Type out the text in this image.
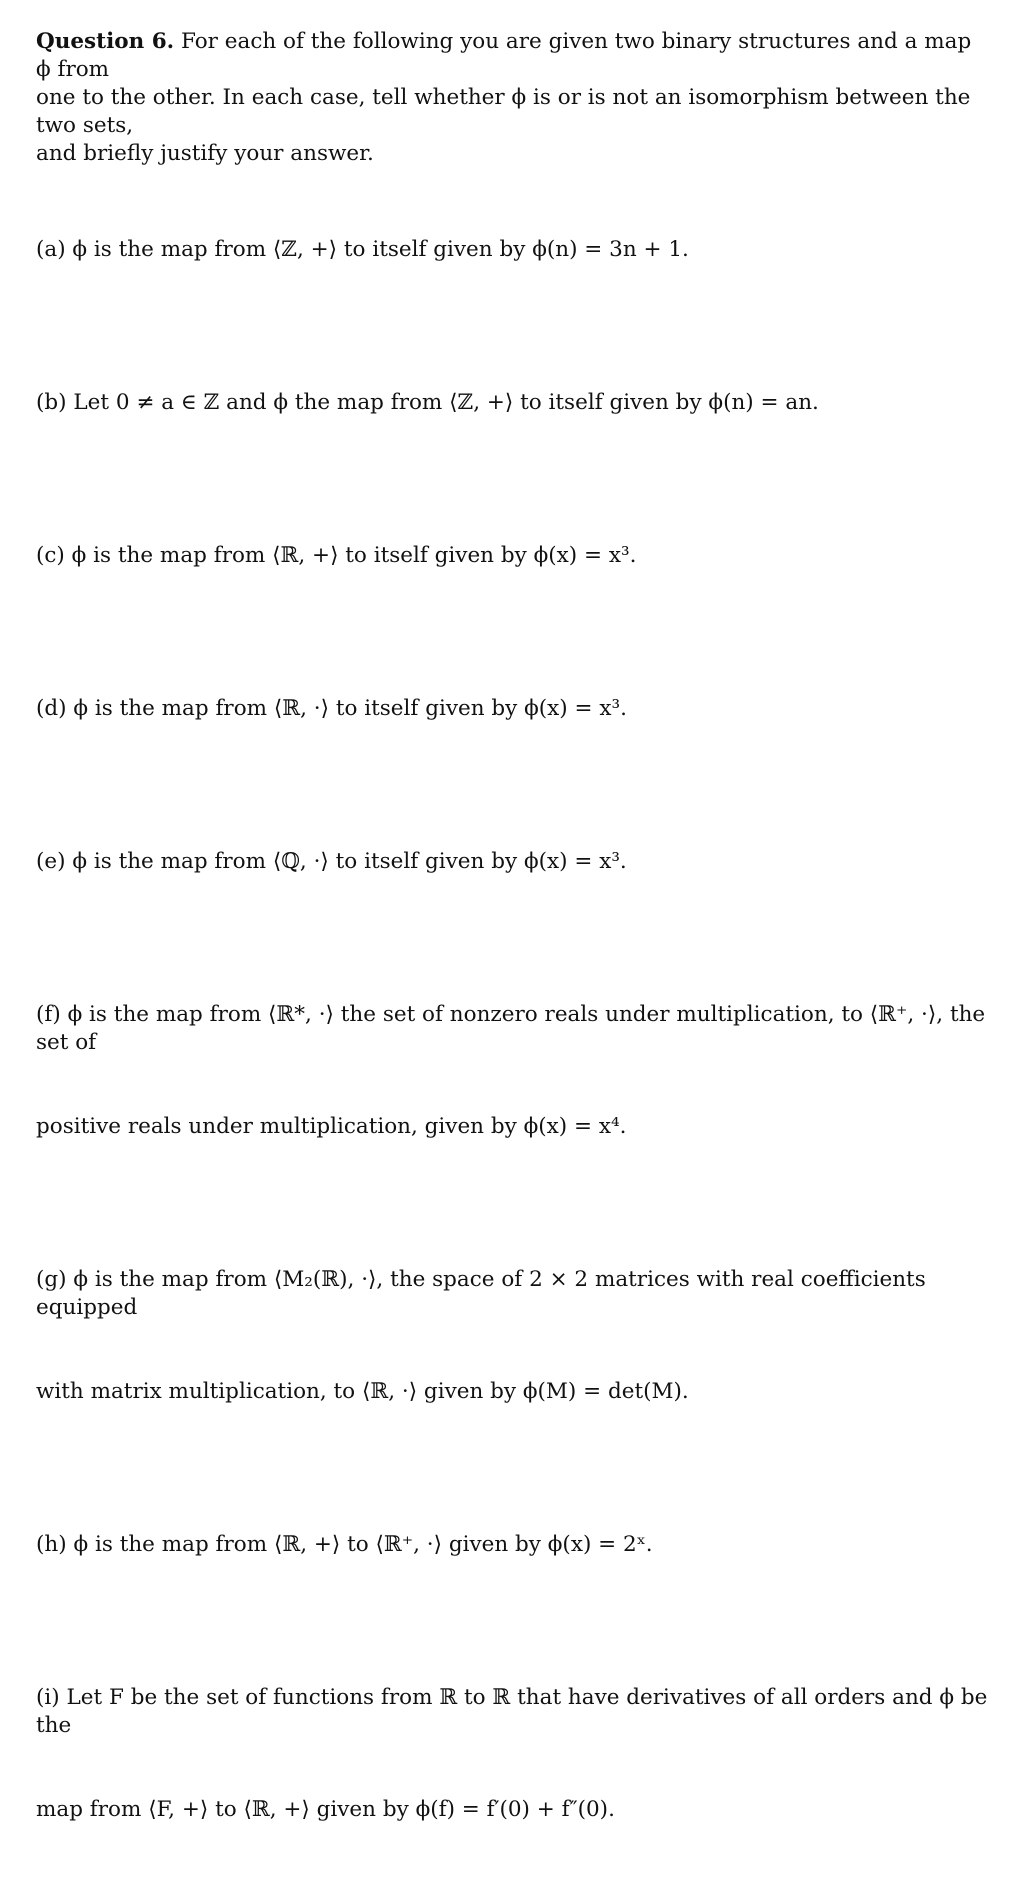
Question 6. For each of the following you are given two binary structures and a map ϕ from
one to the other. In each case, tell whether ϕ is or is not an isomorphism between the two sets,
and briefly justify your answer.

(a) ϕ is the map from ⟨ℤ, +⟩ to itself given by ϕ(n) = 3n + 1.

(b) Let 0 ≠ a ∈ ℤ and ϕ the map from ⟨ℤ, +⟩ to itself given by ϕ(n) = an.

(c) ϕ is the map from ⟨ℝ, +⟩ to itself given by ϕ(x) = x³.

(d) ϕ is the map from ⟨ℝ, ·⟩ to itself given by ϕ(x) = x³.

(e) ϕ is the map from ⟨ℚ, ·⟩ to itself given by ϕ(x) = x³.

(f) ϕ is the map from ⟨ℝ*, ·⟩ the set of nonzero reals under multiplication, to ⟨ℝ⁺, ·⟩, the set of

positive reals under multiplication, given by ϕ(x) = x⁴.

(g) ϕ is the map from ⟨M₂(ℝ), ·⟩, the space of 2 × 2 matrices with real coefficients equipped

with matrix multiplication, to ⟨ℝ, ·⟩ given by ϕ(M) = det(M).

(h) ϕ is the map from ⟨ℝ, +⟩ to ⟨ℝ⁺, ·⟩ given by ϕ(x) = 2ˣ.

(i) Let F be the set of functions from ℝ to ℝ that have derivatives of all orders and ϕ be the

map from ⟨F, +⟩ to ⟨ℝ, +⟩ given by ϕ(f) = f′(0) + f″(0).
